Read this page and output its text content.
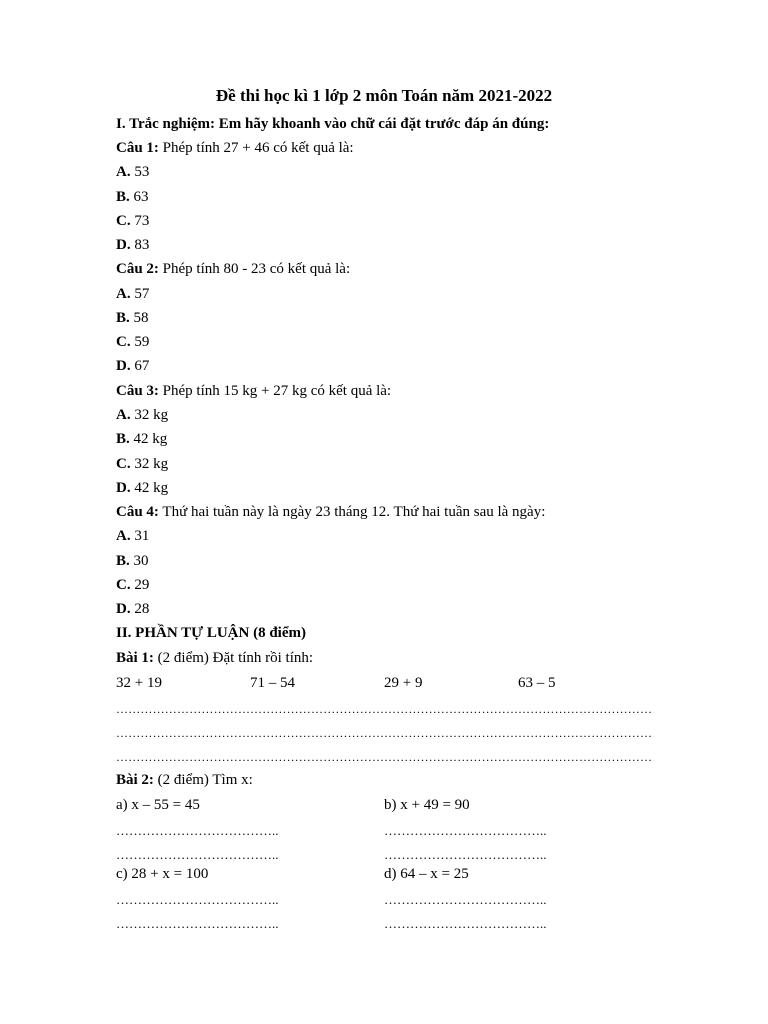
Đề thi học kì 1 lớp 2 môn Toán năm 2021-2022
I. Trắc nghiệm: Em hãy khoanh vào chữ cái đặt trước đáp án đúng:
Câu 1: Phép tính 27 + 46 có kết quả là:
A. 53
B. 63
C. 73
D. 83
Câu 2: Phép tính 80 - 23 có kết quả là:
A. 57
B. 58
C. 59
D. 67
Câu 3: Phép tính 15 kg + 27 kg có kết quả là:
A. 32 kg
B. 42 kg
C. 32 kg
D. 42 kg
Câu 4: Thứ hai tuần này là ngày 23 tháng 12. Thứ hai tuần sau là ngày:
A. 31
B. 30
C. 29
D. 28
II. PHẦN TỰ LUẬN (8 điểm)
Bài 1: (2 điểm) Đặt tính rồi tính:
32 + 19	71 – 54	29 + 9	63 – 5
…………………………… …………………………… …………………………… ……………………………
…………………………… …………………………… …………………………… ……………………………
…………………………… …………………………… …………………………… ……………………………
Bài 2: (2 điểm) Tìm x:
a) x – 55 = 45	b) x + 49 = 90
………………………………..	………………………………..
………………………………..	………………………………..
c) 28 + x = 100	d) 64 – x = 25
………………………………..	………………………………..
………………………………..	………………………………..
